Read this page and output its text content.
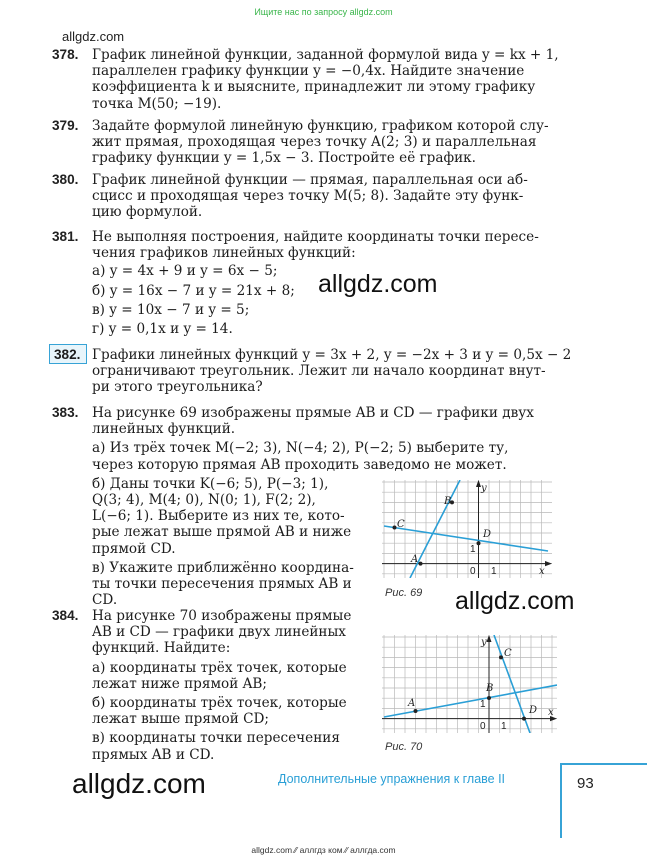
Ищите нас по запросу allgdz.com
allgdz.com
378. График линейной функции, заданной формулой вида y = kx + 1,
параллелен графику функции y = −0,4x. Найдите значение
коэффициента k и выясните, принадлежит ли этому графику
точка M(50; −19).
379. Задайте формулой линейную функцию, графиком которой слу-
жит прямая, проходящая через точку A(2; 3) и параллельная
графику функции y = 1,5x − 3. Постройте её график.
380. График линейной функции — прямая, параллельная оси аб-
сцисс и проходящая через точку M(5; 8). Задайте эту функ-
цию формулой.
381. Не выполняя построения, найдите координаты точки пересе-
чения графиков линейных функций:
а) y = 4x + 9 и y = 6x − 5;
б) y = 16x − 7 и y = 21x + 8;
в) y = 10x − 7 и y = 5;
г) y = 0,1x и y = 14.
382. Графики линейных функций y = 3x + 2, y = −2x + 3 и y = 0,5x − 2
ограничивают треугольник. Лежит ли начало координат внут-
ри этого треугольника?
383. На рисунке 69 изображены прямые AB и CD — графики двух
линейных функций.
а) Из трёх точек M(−2; 3), N(−4; 2), P(−2; 5) выберите ту,
через которую прямая AB проходить заведомо не может.
б) Даны точки K(−6; 5), P(−3; 1),
Q(3; 4), M(4; 0), N(0; 1), F(2; 2),
L(−6; 1). Выберите из них те, кото-
рые лежат выше прямой AB и ниже
прямой CD.
в) Укажите приближённо координа-
ты точки пересечения прямых AB и
CD.
384. На рисунке 70 изображены прямые
AB и CD — графики двух линейных
функций. Найдите:
а) координаты трёх точек, которые
лежат ниже прямой AB;
б) координаты трёх точек, которые
лежат выше прямой CD;
в) координаты точки пересечения
прямых AB и CD.
A
B
C
D
y
x
0 1
1
Рис. 69
A
B
C
D
y
x
0 1
1
Рис. 70
allgdz.com
allgdz.com
allgdz.com	Дополнительные упражнения к главе II	93
allgdz.com ⁄⁄ аллгдз ком ⁄⁄ аллгда.com
